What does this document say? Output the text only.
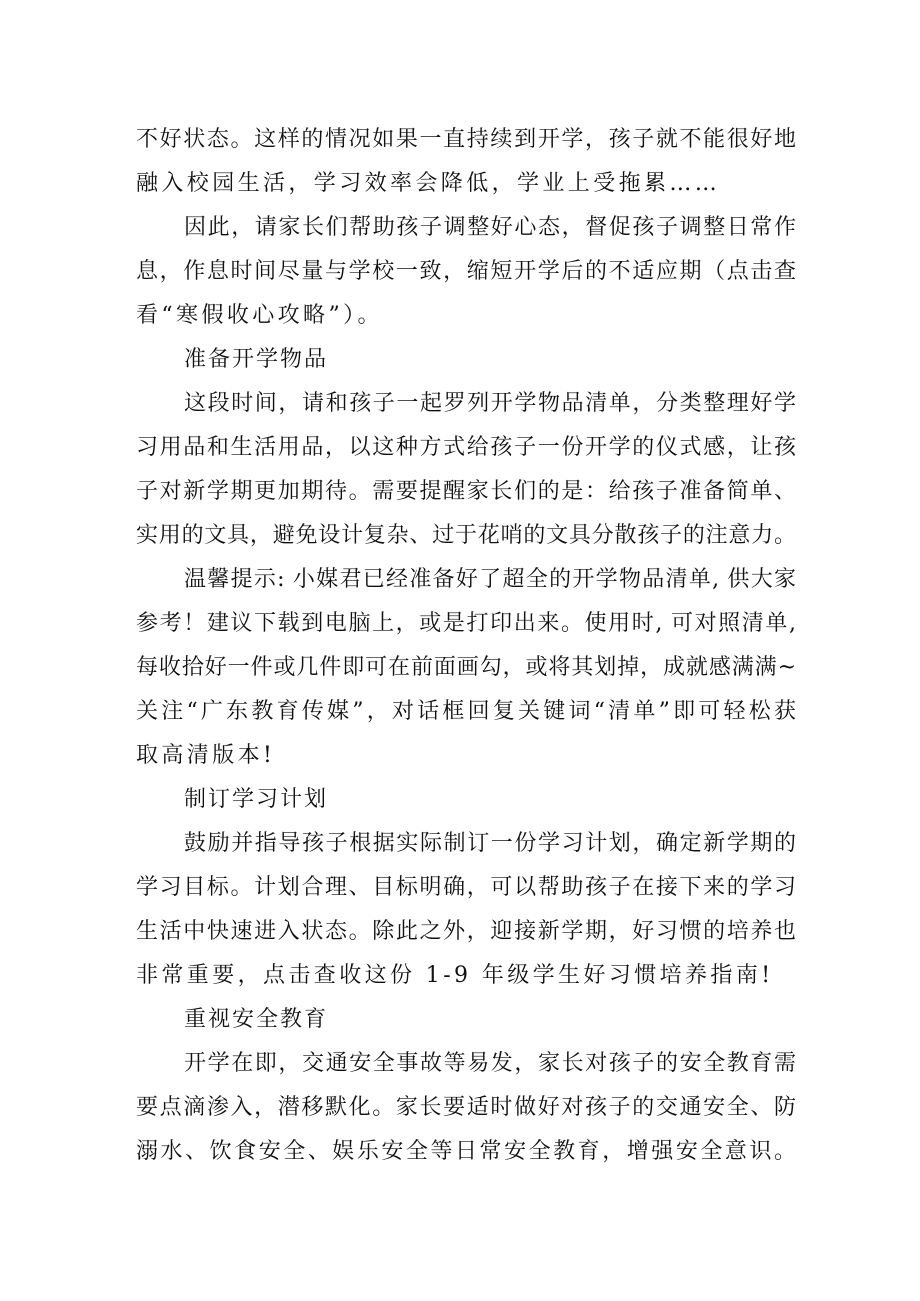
不好状态。这样的情况如果一直持续到开学，孩子就不能很好地
融入校园生活，学习效率会降低，学业上受拖累……
因此，请家长们帮助孩子调整好心态，督促孩子调整日常作
息，作息时间尽量与学校一致，缩短开学后的不适应期（点击查
看“寒假收心攻略”）。
准备开学物品
这段时间，请和孩子一起罗列开学物品清单，分类整理好学
习用品和生活用品，以这种方式给孩子一份开学的仪式感，让孩
子对新学期更加期待。需要提醒家长们的是：给孩子准备简单、
实用的文具，避免设计复杂、过于花哨的文具分散孩子的注意力。
温馨提示: 小媒君已经准备好了超全的开学物品清单, 供大家
参考！建议下载到电脑上，或是打印出来。使用时, 可对照清单,
每收拾好一件或几件即可在前面画勾，或将其划掉，成就感满满~
关注“广东教育传媒”，对话框回复关键词“清单”即可轻松获
取高清版本!
制订学习计划
鼓励并指导孩子根据实际制订一份学习计划，确定新学期的
学习目标。计划合理、目标明确，可以帮助孩子在接下来的学习
生活中快速进入状态。除此之外，迎接新学期，好习惯的培养也
非常重要，点击查收这份 1-9 年级学生好习惯培养指南!
重视安全教育
开学在即，交通安全事故等易发，家长对孩子的安全教育需
要点滴渗入，潜移默化。家长要适时做好对孩子的交通安全、防
溺水、饮食安全、娱乐安全等日常安全教育，增强安全意识。
